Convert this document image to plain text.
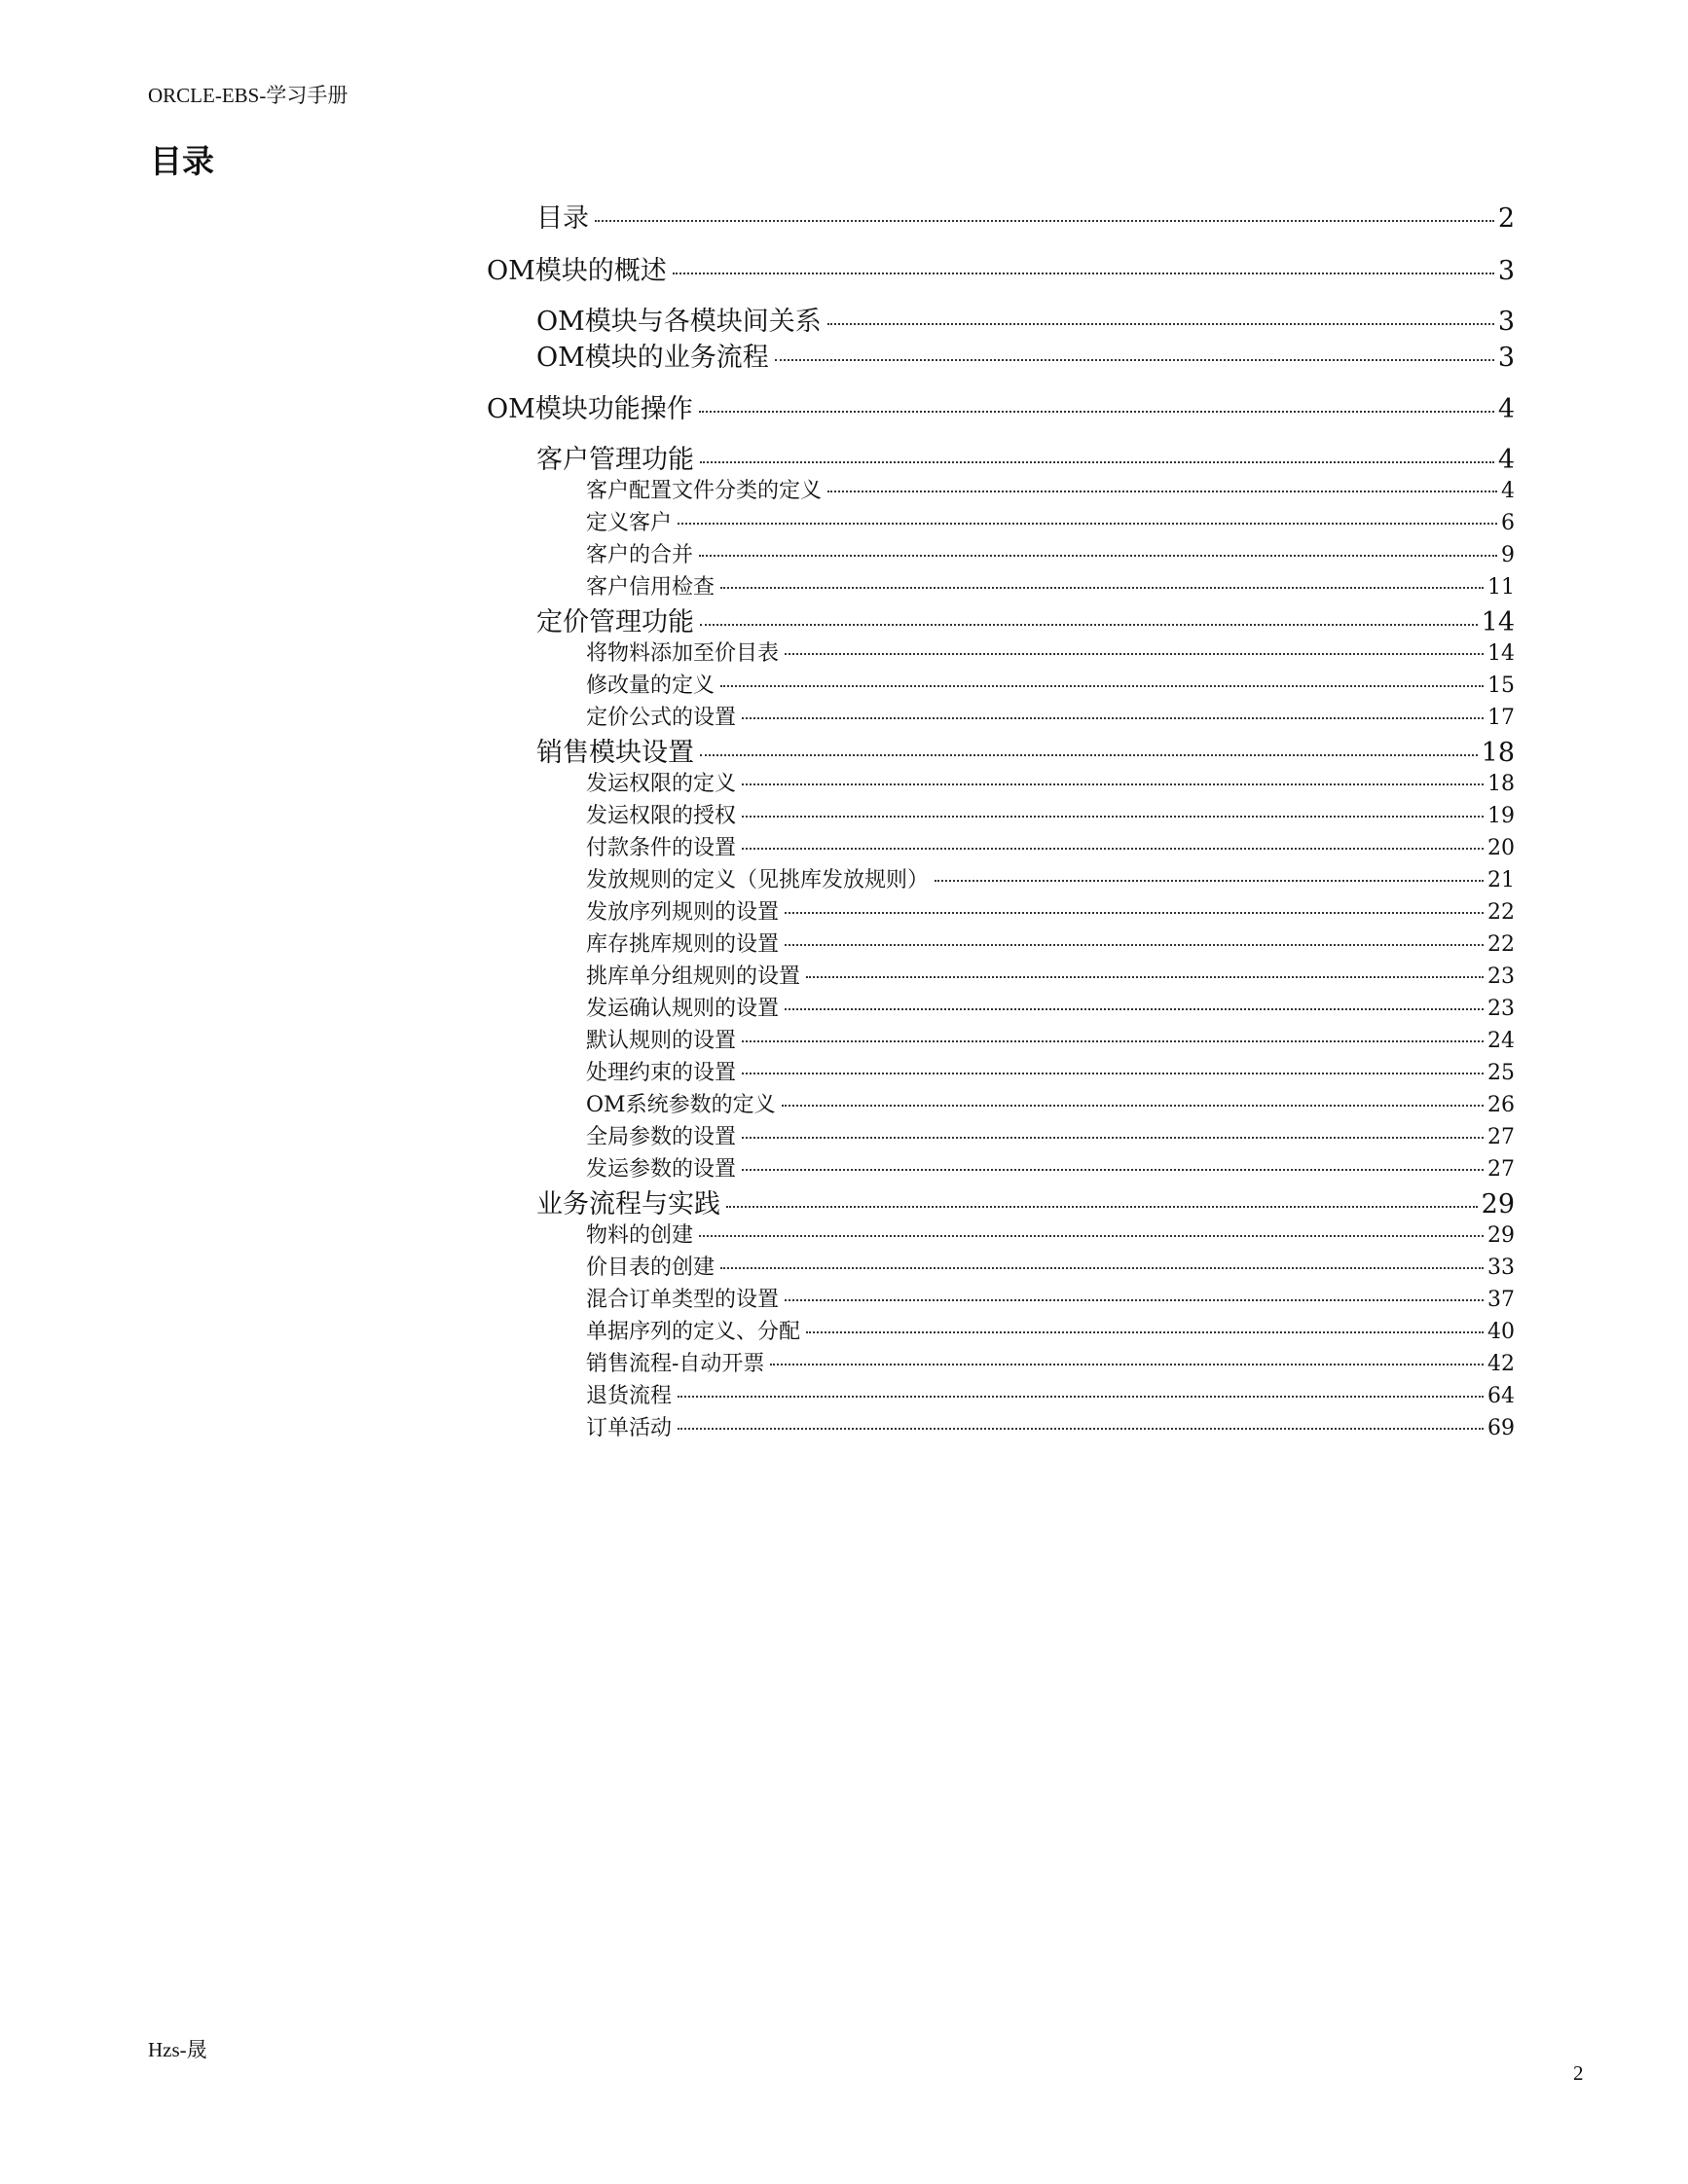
ORCLE-EBS-学习手册
目录
目录	2
OM模块的概述	3
OM模块与各模块间关系	3
OM模块的业务流程	3
OM模块功能操作	4
客户管理功能	4
客户配置文件分类的定义	4
定义客户	6
客户的合并	9
客户信用检查	11
定价管理功能	14
将物料添加至价目表	14
修改量的定义	15
定价公式的设置	17
销售模块设置	18
发运权限的定义	18
发运权限的授权	19
付款条件的设置	20
发放规则的定义（见挑库发放规则）	21
发放序列规则的设置	22
库存挑库规则的设置	22
挑库单分组规则的设置	23
发运确认规则的设置	23
默认规则的设置	24
处理约束的设置	25
OM系统参数的定义	26
全局参数的设置	27
发运参数的设置	27
业务流程与实践	29
物料的创建	29
价目表的创建	33
混合订单类型的设置	37
单据序列的定义、分配	40
销售流程-自动开票	42
退货流程	64
订单活动	69
Hzs-晟
2
